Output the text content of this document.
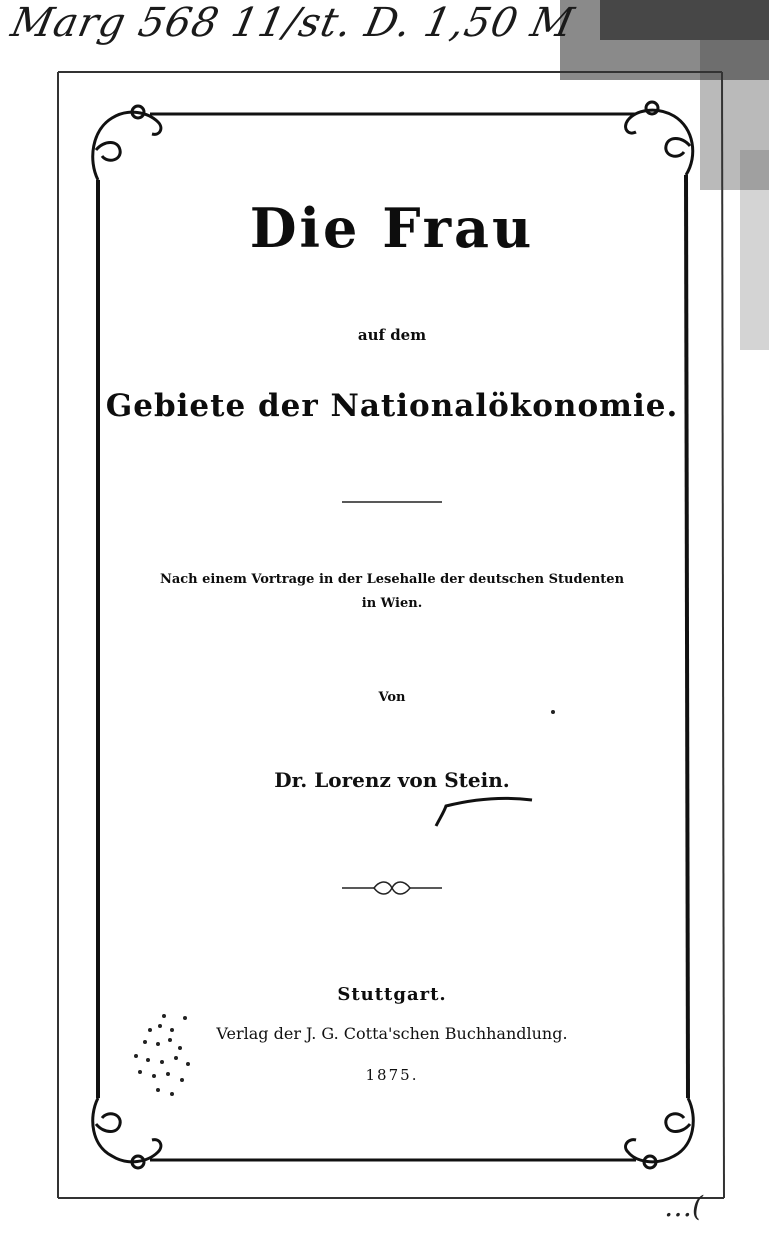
Marg 568 11/st. D. 1,50 M
Die Frau
auf dem
Gebiete der Nationalökonomie.
Nach einem Vortrage in der Lesehalle der deutschen Studenten
in Wien.
Von
Dr. Lorenz von Stein.
Stuttgart.
Verlag der J. G. Cotta'schen Buchhandlung.
1875.
…(
